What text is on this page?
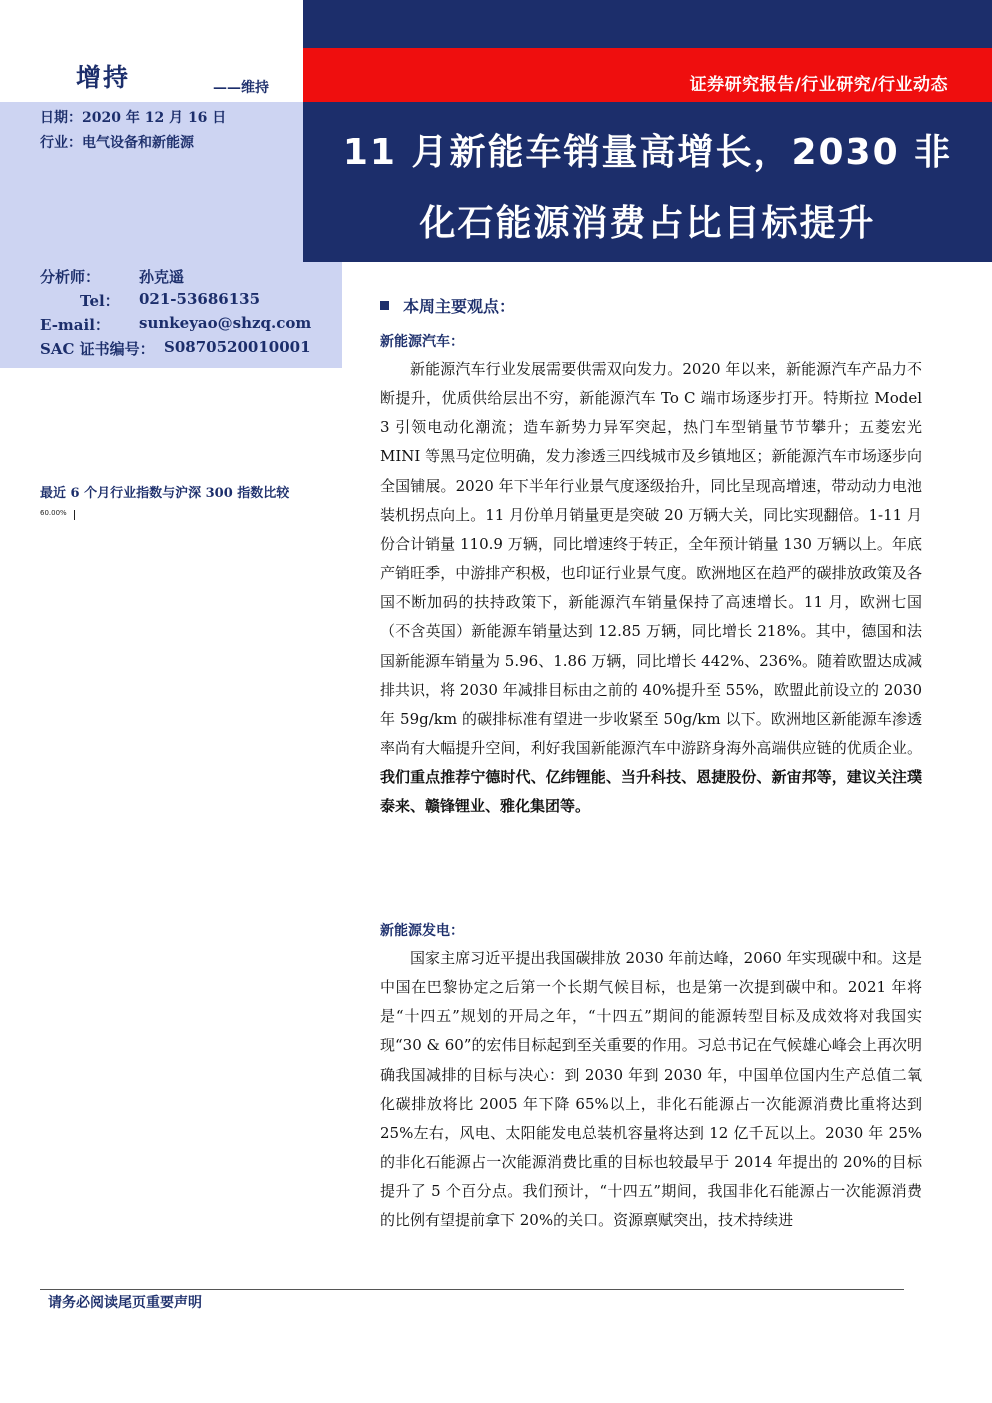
增持	——维持	证券研究报告/行业研究/行业动态
11 月新能车销量高增长，2030 非
化石能源消费占比目标提升
日期：2020 年 12 月 16 日
行业：电气设备和新能源
分析师：	孙克遥
Tel： 021-53686135
E-mail： sunkeyao@shzq.com
SAC 证书编号： S0870520010001
最近 6 个月行业指数与沪深 300 指数比较
60.00%
本周主要观点：
新能源汽车：
新能源汽车行业发展需要供需双向发力。2020 年以来，新能源汽车产品力不断提升，优质供给层出不穷，新能源汽车 To C 端市场逐步打开。特斯拉 Model 3 引领电动化潮流；造车新势力异军突起，热门车型销量节节攀升；五菱宏光 MINI 等黑马定位明确，发力渗透三四线城市及乡镇地区；新能源汽车市场逐步向全国铺展。2020 年下半年行业景气度逐级抬升，同比呈现高增速，带动动力电池装机拐点向上。11 月份单月销量更是突破 20 万辆大关，同比实现翻倍。1-11 月份合计销量 110.9 万辆，同比增速终于转正，全年预计销量 130 万辆以上。年底产销旺季，中游排产积极，也印证行业景气度。欧洲地区在趋严的碳排放政策及各国不断加码的扶持政策下，新能源汽车销量保持了高速增长。11 月，欧洲七国（不含英国）新能源车销量达到 12.85 万辆，同比增长 218%。其中，德国和法国新能源车销量为 5.96、1.86 万辆，同比增长 442%、236%。随着欧盟达成减排共识，将 2030 年减排目标由之前的 40%提升至 55%，欧盟此前设立的 2030 年 59g/km 的碳排标准有望进一步收紧至 50g/km 以下。欧洲地区新能源车渗透率尚有大幅提升空间，利好我国新能源汽车中游跻身海外高端供应链的优质企业。我们重点推荐宁德时代、亿纬锂能、当升科技、恩捷股份、新宙邦等，建议关注璞泰来、赣锋锂业、雅化集团等。
新能源发电：
国家主席习近平提出我国碳排放 2030 年前达峰，2060 年实现碳中和。这是中国在巴黎协定之后第一个长期气候目标，也是第一次提到碳中和。2021 年将是“十四五”规划的开局之年，“十四五”期间的能源转型目标及成效将对我国实现“30 & 60”的宏伟目标起到至关重要的作用。习总书记在气候雄心峰会上再次明确我国减排的目标与决心：到 2030 年到 2030 年，中国单位国内生产总值二氧化碳排放将比 2005 年下降 65%以上，非化石能源占一次能源消费比重将达到 25%左右，风电、太阳能发电总装机容量将达到 12 亿千瓦以上。2030 年 25%的非化石能源占一次能源消费比重的目标也较最早于 2014 年提出的 20%的目标提升了 5 个百分点。我们预计，“十四五”期间，我国非化石能源占一次能源消费的比例有望提前拿下 20%的关口。资源禀赋突出，技术持续进
请务必阅读尾页重要声明
